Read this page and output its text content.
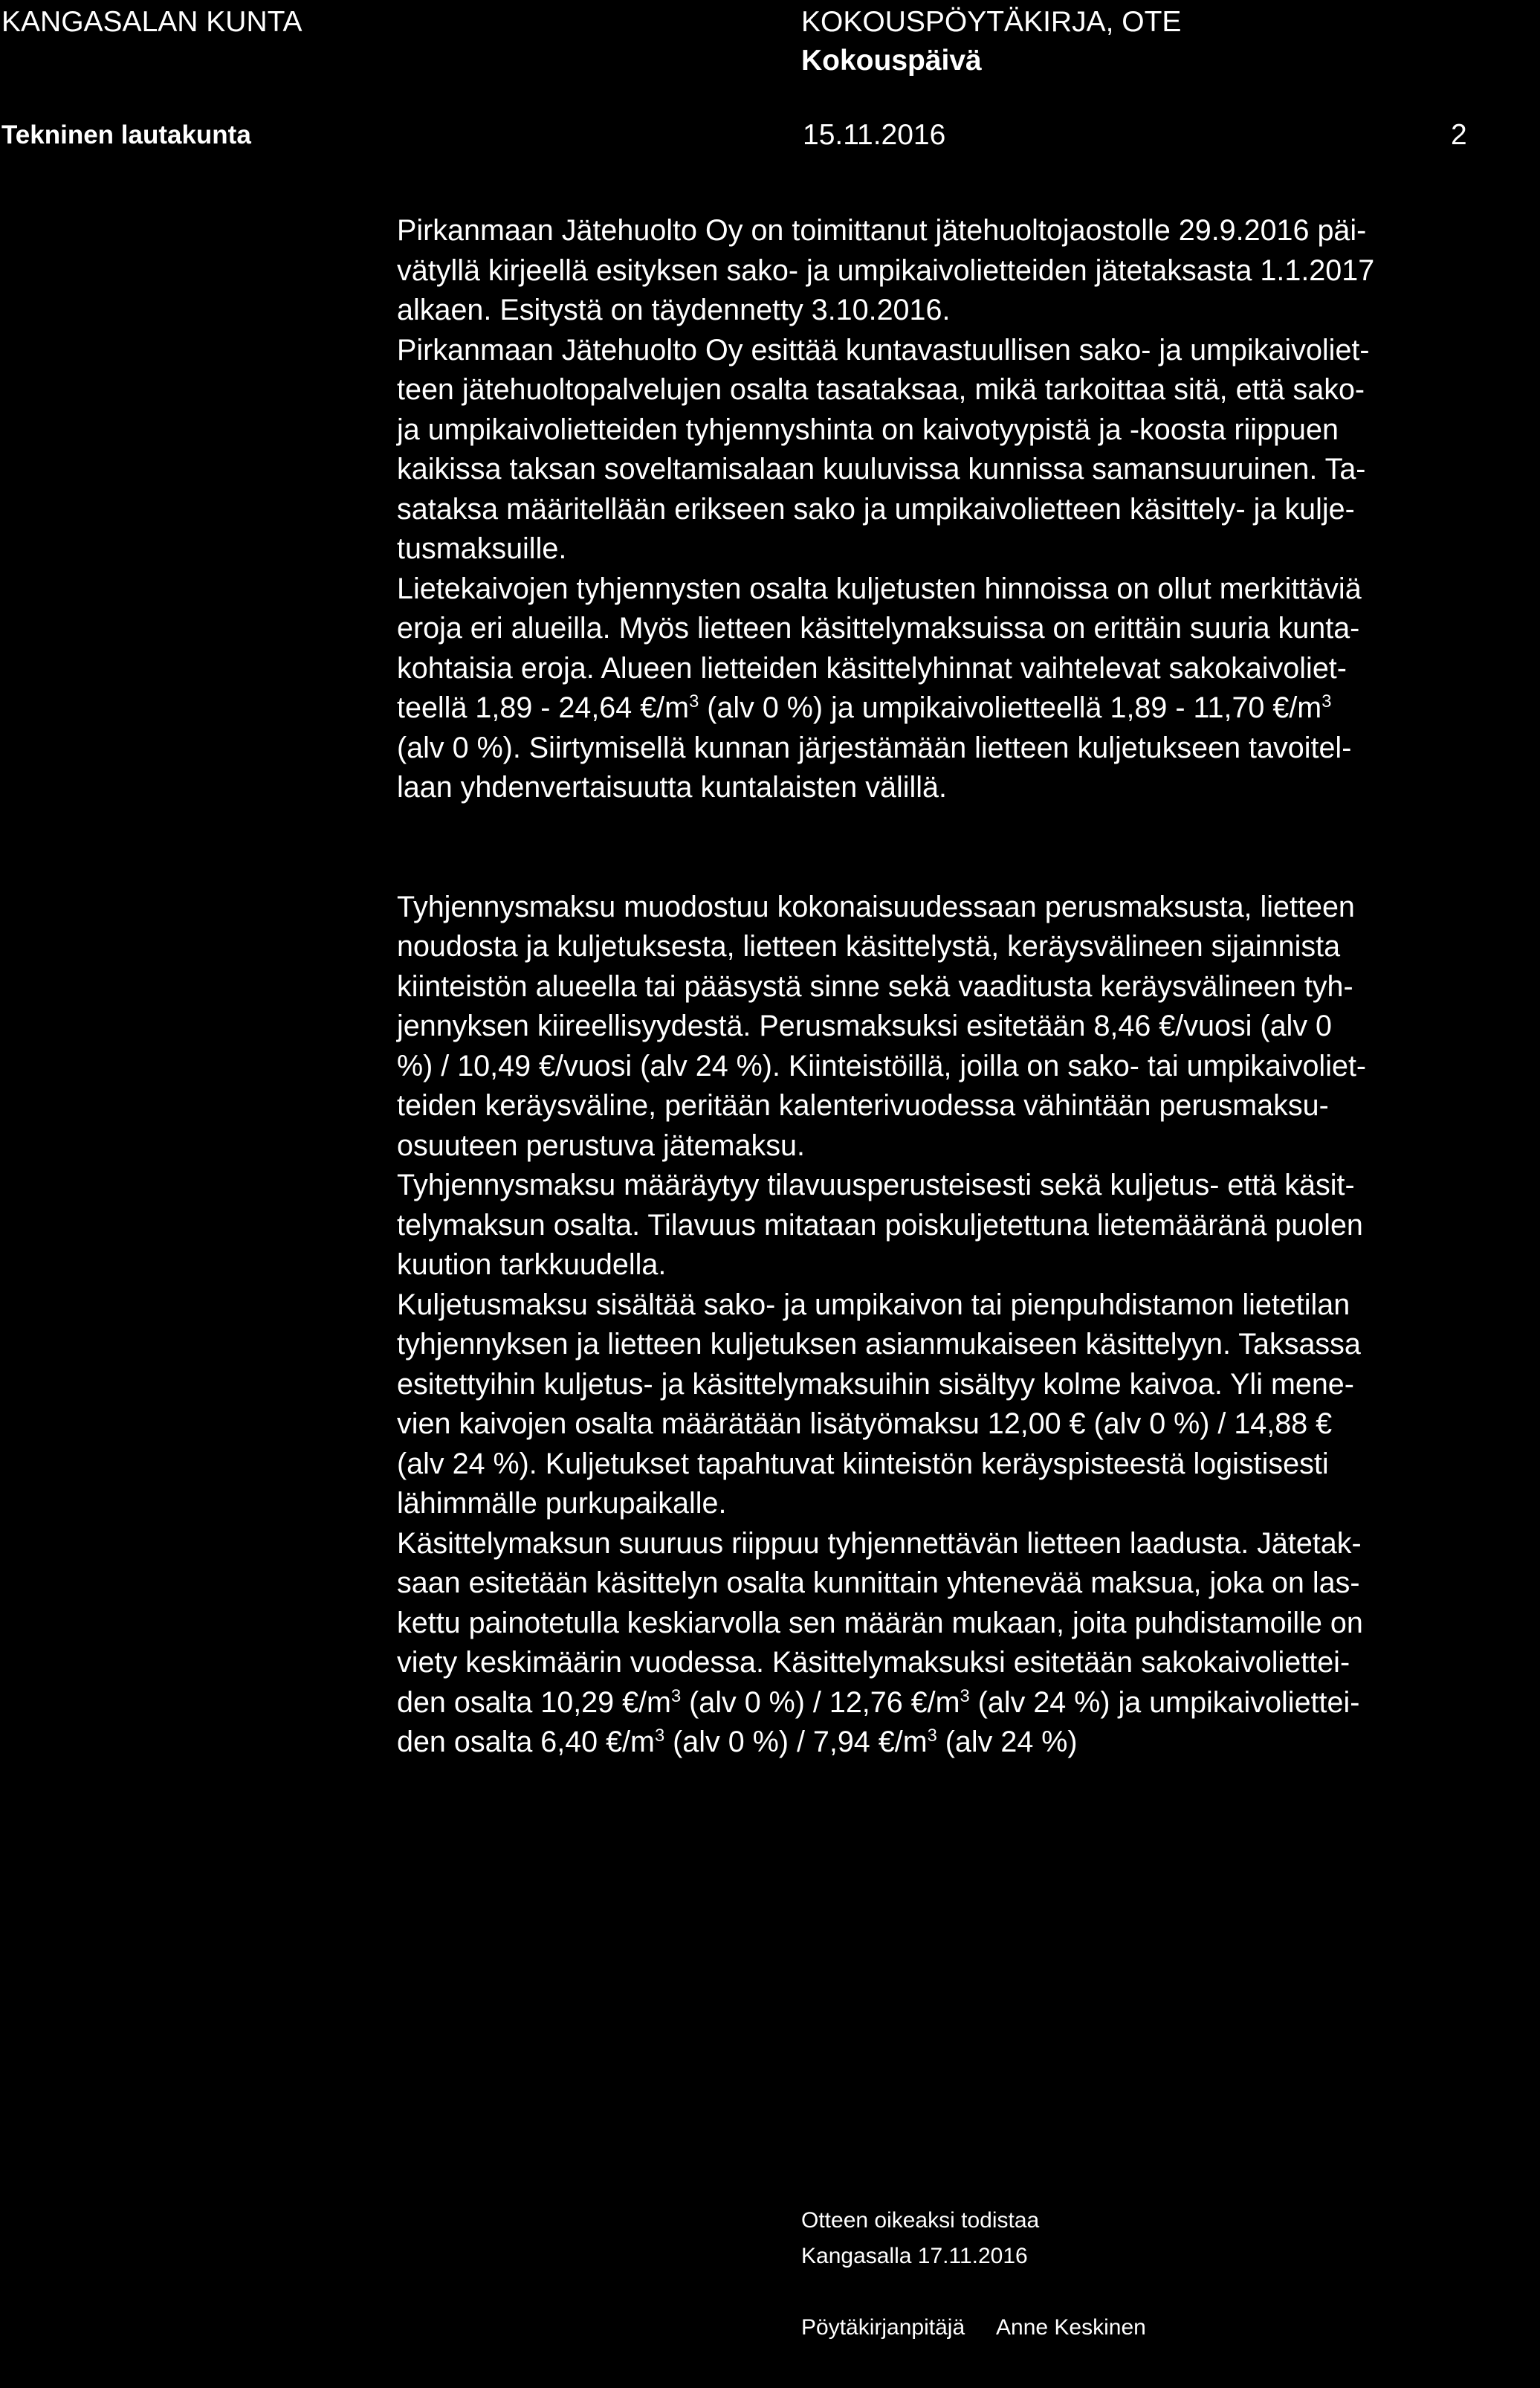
KANGASALAN KUNTA	KOKOUSPÖYTÄKIRJA, OTE
Kokouspäivä
Tekninen lautakunta	15.11.2016	2
Pirkanmaan Jätehuolto Oy on toimittanut jätehuoltojaostolle 29.9.2016 päi-
vätyllä kirjeellä esityksen sako- ja umpikaivolietteiden jätetaksasta 1.1.2017
alkaen. Esitystä on täydennetty 3.10.2016.
Pirkanmaan Jätehuolto Oy esittää kuntavastuullisen sako- ja umpikaivoliet-
teen jätehuoltopalvelujen osalta tasataksaa, mikä tarkoittaa sitä, että sako-
ja umpikaivolietteiden tyhjennyshinta on kaivotyypistä ja -koosta riippuen
kaikissa taksan soveltamisalaan kuuluvissa kunnissa samansuuruinen. Ta-
sataksa määritellään erikseen sako ja umpikaivolietteen käsittely- ja kulje-
tusmaksuille.
Lietekaivojen tyhjennysten osalta kuljetusten hinnoissa on ollut merkittäviä
eroja eri alueilla. Myös lietteen käsittelymaksuissa on erittäin suuria kunta-
kohtaisia eroja. Alueen lietteiden käsittelyhinnat vaihtelevat sakokaivoliet-
teellä 1,89 - 24,64 $€/m^3$ (alv 0 %) ja umpikaivolietteellä 1,89 - 11,70 $€/m^3$
(alv 0 %). Siirtymisellä kunnan järjestämään lietteen kuljetukseen tavoitel-
laan yhdenvertaisuutta kuntalaisten välillä.
Tyhjennysmaksu muodostuu kokonaisuudessaan perusmaksusta, lietteen
noudosta ja kuljetuksesta, lietteen käsittelystä, keräysvälineen sijainnista
kiinteistön alueella tai pääsystä sinne sekä vaaditusta keräysvälineen tyh-
jennyksen kiireellisyydestä. Perusmaksuksi esitetään 8,46 €/vuosi (alv 0
%) / 10,49 €/vuosi (alv 24 %). Kiinteistöillä, joilla on sako- tai umpikaivoliet-
teiden keräysväline, peritään kalenterivuodessa vähintään perusmaksu-
osuuteen perustuva jätemaksu.
Tyhjennysmaksu määräytyy tilavuusperusteisesti sekä kuljetus- että käsit-
telymaksun osalta. Tilavuus mitataan poiskuljetettuna lietemääränä puolen
kuution tarkkuudella.
Kuljetusmaksu sisältää sako- ja umpikaivon tai pienpuhdistamon lietetilan
tyhjennyksen ja lietteen kuljetuksen asianmukaiseen käsittelyyn. Taksassa
esitettyihin kuljetus- ja käsittelymaksuihin sisältyy kolme kaivoa. Yli mene-
vien kaivojen osalta määrätään lisätyömaksu 12,00 € (alv 0 %) / 14,88 €
(alv 24 %). Kuljetukset tapahtuvat kiinteistön keräyspisteestä logistisesti
lähimmälle purkupaikalle.
Käsittelymaksun suuruus riippuu tyhjennettävän lietteen laadusta. Jätetak-
saan esitetään käsittelyn osalta kunnittain yhtenevää maksua, joka on las-
kettu painotetulla keskiarvolla sen määrän mukaan, joita puhdistamoille on
viety keskimäärin vuodessa. Käsittelymaksuksi esitetään sakokaivoliettei-
den osalta 10,29 $€/m^3$ (alv 0 %) / 12,76 $€/m^3$ (alv 24 %) ja umpikaivoliettei-
den osalta 6,40 $€/m^3$ (alv 0 %) / 7,94 $€/m^3$ (alv 24 %)
Otteen oikeaksi todistaa
Kangasalla 17.11.2016
Pöytäkirjanpitäjä Anne Keskinen
